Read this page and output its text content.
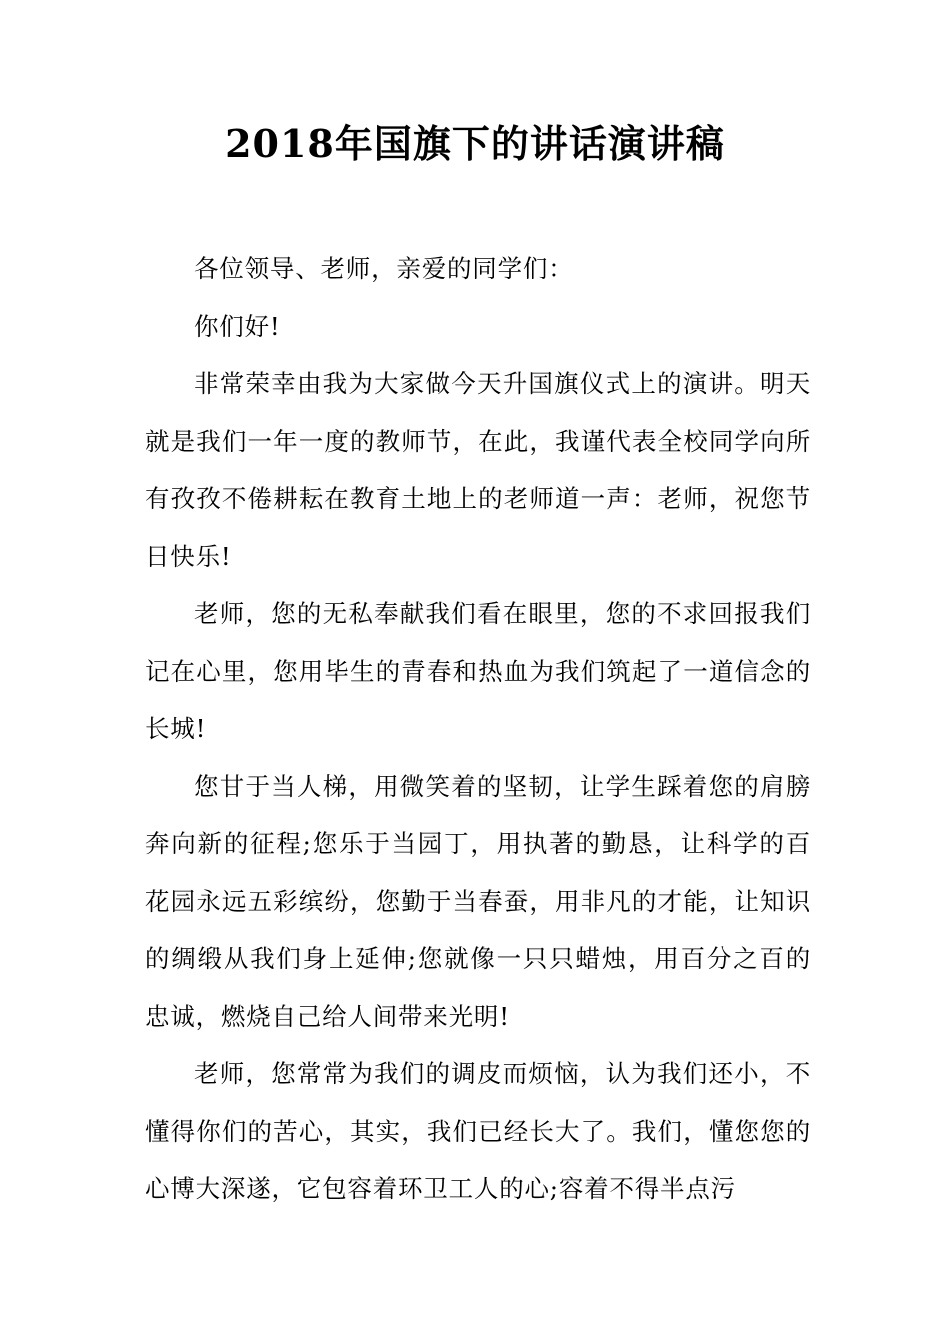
2018年国旗下的讲话演讲稿

各位领导、老师，亲爱的同学们：

你们好!

非常荣幸由我为大家做今天升国旗仪式上的演讲。明天就是我们一年一度的教师节，在此，我谨代表全校同学向所有孜孜不倦耕耘在教育土地上的老师道一声：老师，祝您节日快乐!

老师，您的无私奉献我们看在眼里，您的不求回报我们记在心里，您用毕生的青春和热血为我们筑起了一道信念的长城!

您甘于当人梯，用微笑着的坚韧，让学生踩着您的肩膀奔向新的征程;您乐于当园丁，用执著的勤恳，让科学的百花园永远五彩缤纷，您勤于当春蚕，用非凡的才能，让知识的绸缎从我们身上延伸;您就像一只只蜡烛，用百分之百的忠诚，燃烧自己给人间带来光明!

老师，您常常为我们的调皮而烦恼，认为我们还小，不懂得你们的苦心，其实，我们已经长大了。我们，懂您您的心博大深遂，它包容着环卫工人的心;容着不得半点污
